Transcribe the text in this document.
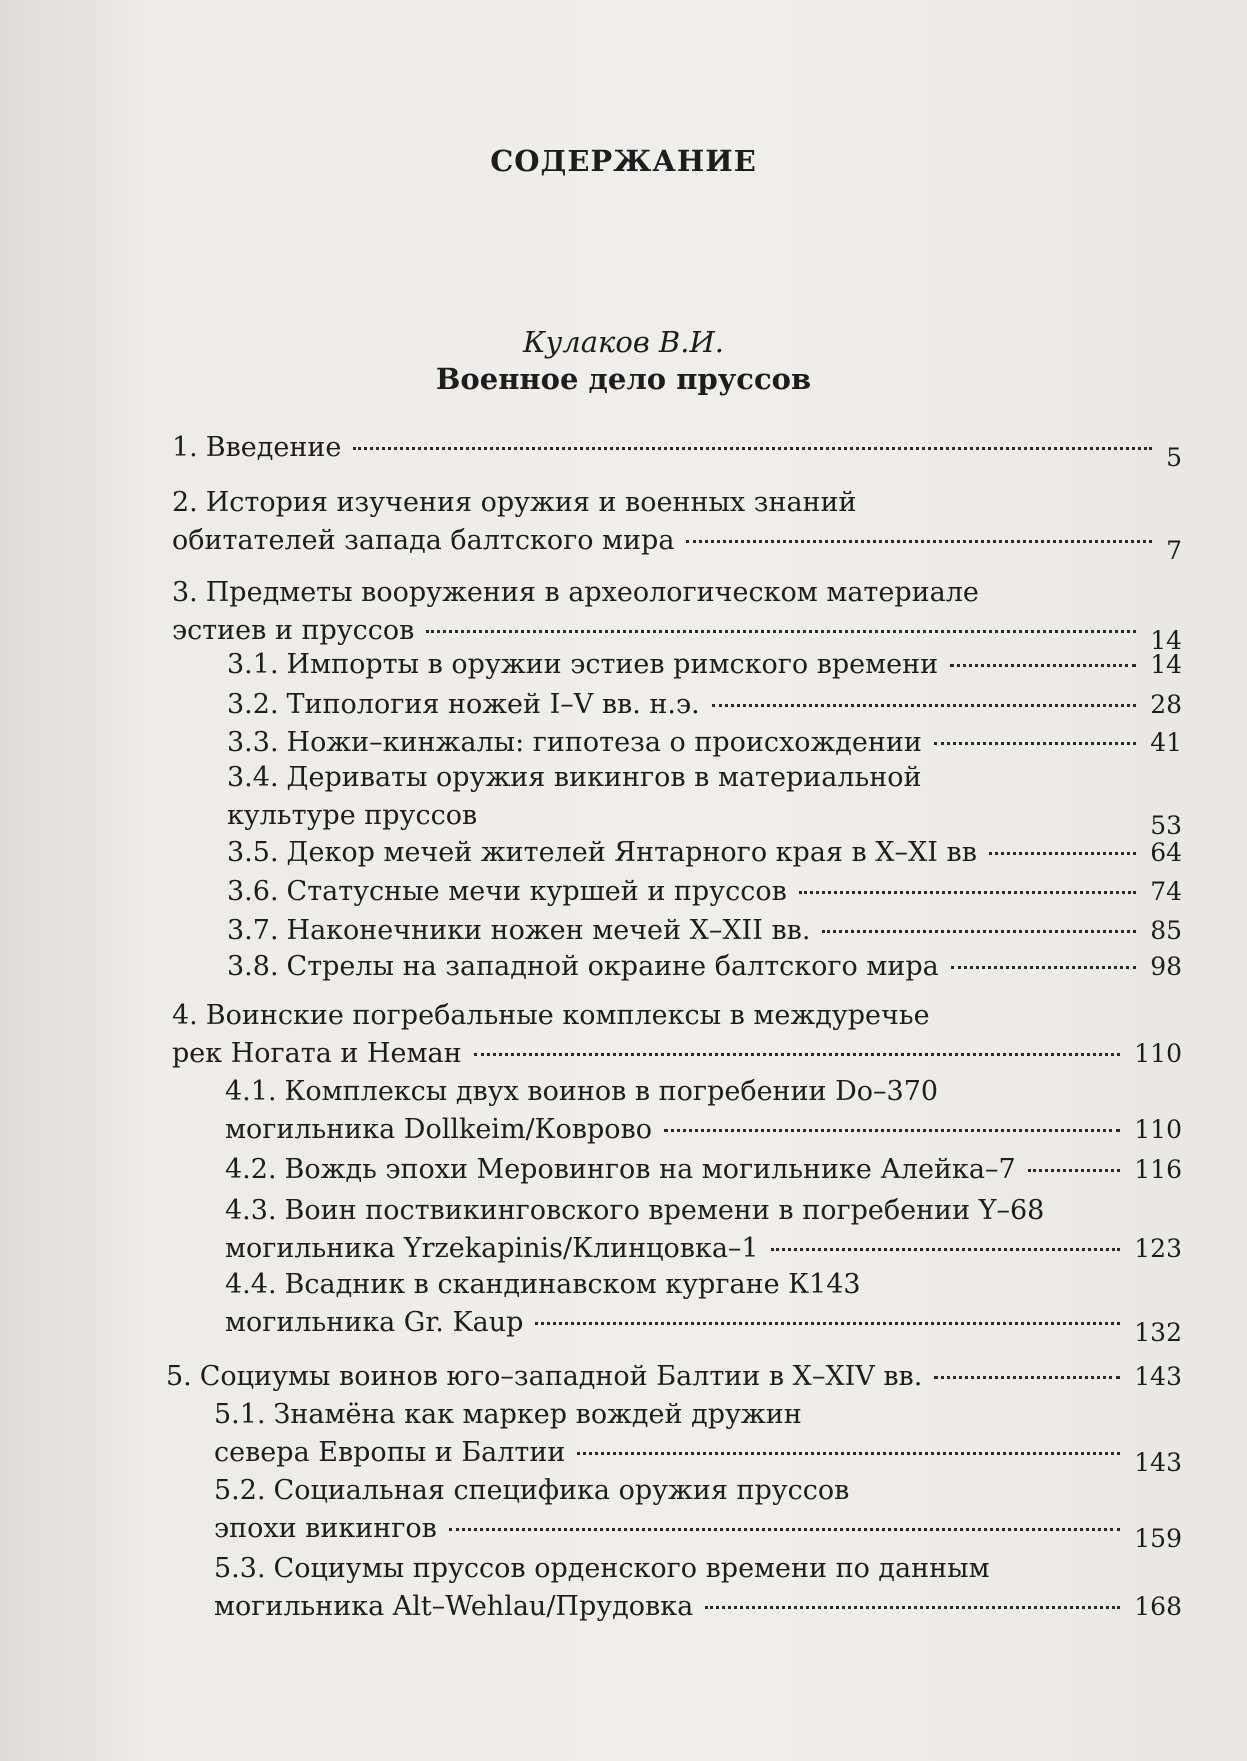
СОДЕРЖАНИЕ
Кулаков В.И.
Военное дело пруссов
1. Введение	5
2. История изучения оружия и военных знаний
обитателей запада балтского мира	7
3. Предметы вооружения в археологическом материале
эстиев и пруссов	14
3.1. Импорты в оружии эстиев римского времени	14
3.2. Типология ножей I–V вв. н.э.	28
3.3. Ножи–кинжалы: гипотеза о происхождении	41
3.4. Дериваты оружия викингов в материальной
культуре пруссов	53
3.5. Декор мечей жителей Янтарного края в X–XI вв	64
3.6. Статусные мечи куршей и пруссов	74
3.7. Наконечники ножен мечей X–XII вв.	85
3.8. Стрелы на западной окраине балтского мира	98
4. Воинские погребальные комплексы в междуречье
рек Ногата и Неман	110
4.1. Комплексы двух воинов в погребении Do–370
могильника Dollkeim/Коврово	110
4.2. Вождь эпохи Меровингов на могильнике Алейка–7	116
4.3. Воин поствикинговского времени в погребении Y–68
могильника Yrzekapinis/Клинцовка–1	123
4.4. Всадник в скандинавском кургане К143
могильника Gr. Kaup	132
5. Социумы воинов юго–западной Балтии в X–XIV вв.	143
5.1. Знамёна как маркер вождей дружин
севера Европы и Балтии	143
5.2. Социальная специфика оружия пруссов
эпохи викингов	159
5.3. Социумы пруссов орденского времени по данным
могильника Alt–Wehlau/Прудовка	168
